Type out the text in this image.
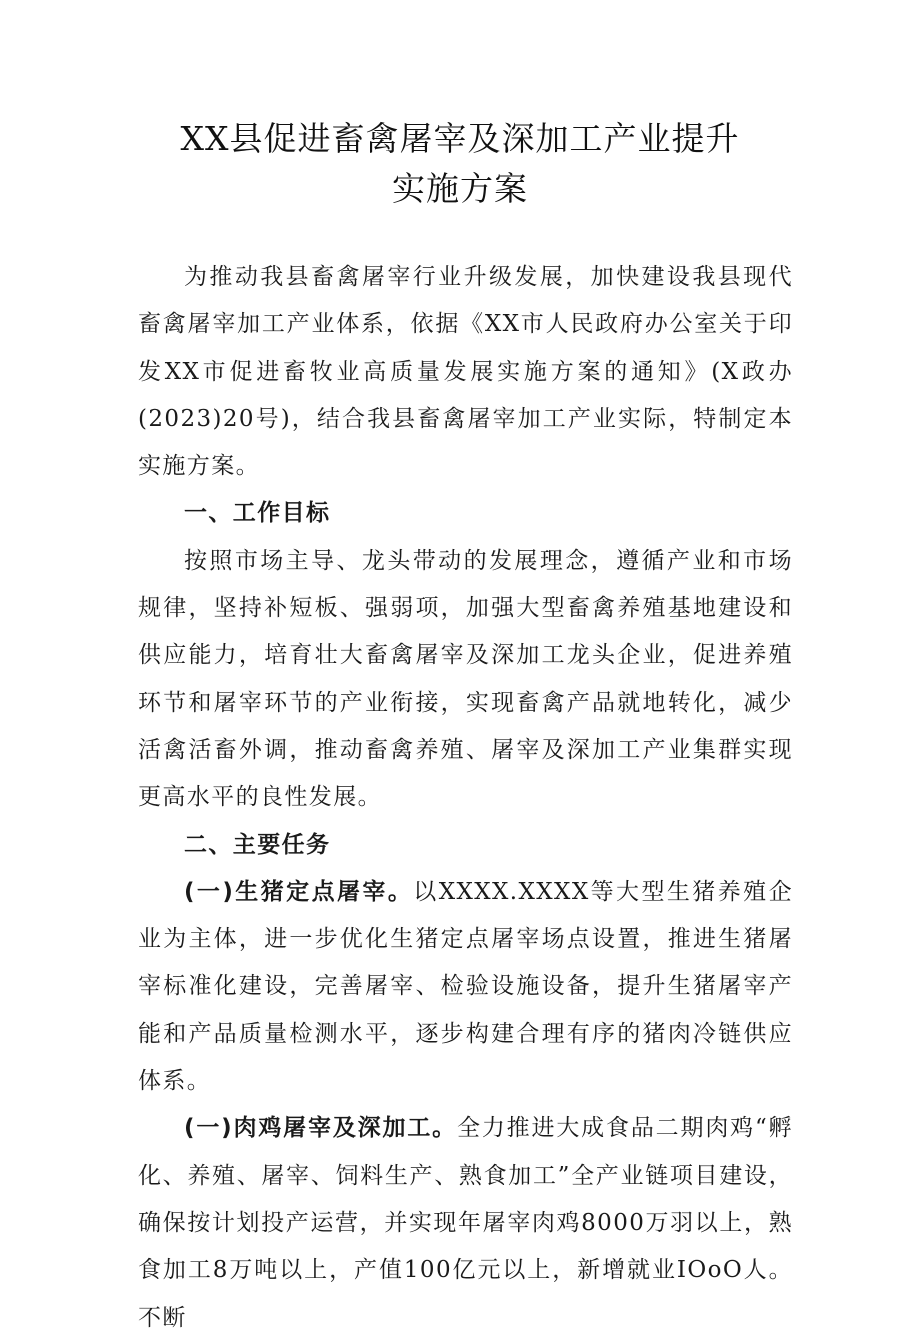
XX县促进畜禽屠宰及深加工产业提升
实施方案

为推动我县畜禽屠宰行业升级发展，加快建设我县现代畜禽屠宰加工产业体系，依据《XX市人民政府办公室关于印发XX市促进畜牧业高质量发展实施方案的通知》(X政办(2023)20号)，结合我县畜禽屠宰加工产业实际，特制定本实施方案。

一、工作目标

按照市场主导、龙头带动的发展理念，遵循产业和市场规律，坚持补短板、强弱项，加强大型畜禽养殖基地建设和供应能力，培育壮大畜禽屠宰及深加工龙头企业，促进养殖环节和屠宰环节的产业衔接，实现畜禽产品就地转化，减少活禽活畜外调，推动畜禽养殖、屠宰及深加工产业集群实现更高水平的良性发展。

二、主要任务

(一)生猪定点屠宰。以XXXX.XXXX等大型生猪养殖企业为主体，进一步优化生猪定点屠宰场点设置，推进生猪屠宰标准化建设，完善屠宰、检验设施设备，提升生猪屠宰产能和产品质量检测水平，逐步构建合理有序的猪肉冷链供应体系。

(一)肉鸡屠宰及深加工。全力推进大成食品二期肉鸡“孵化、养殖、屠宰、饲料生产、熟食加工”全产业链项目建设，确保按计划投产运营，并实现年屠宰肉鸡8000万羽以上，熟食加工8万吨以上，产值100亿元以上，新增就业IOoO人。不断
